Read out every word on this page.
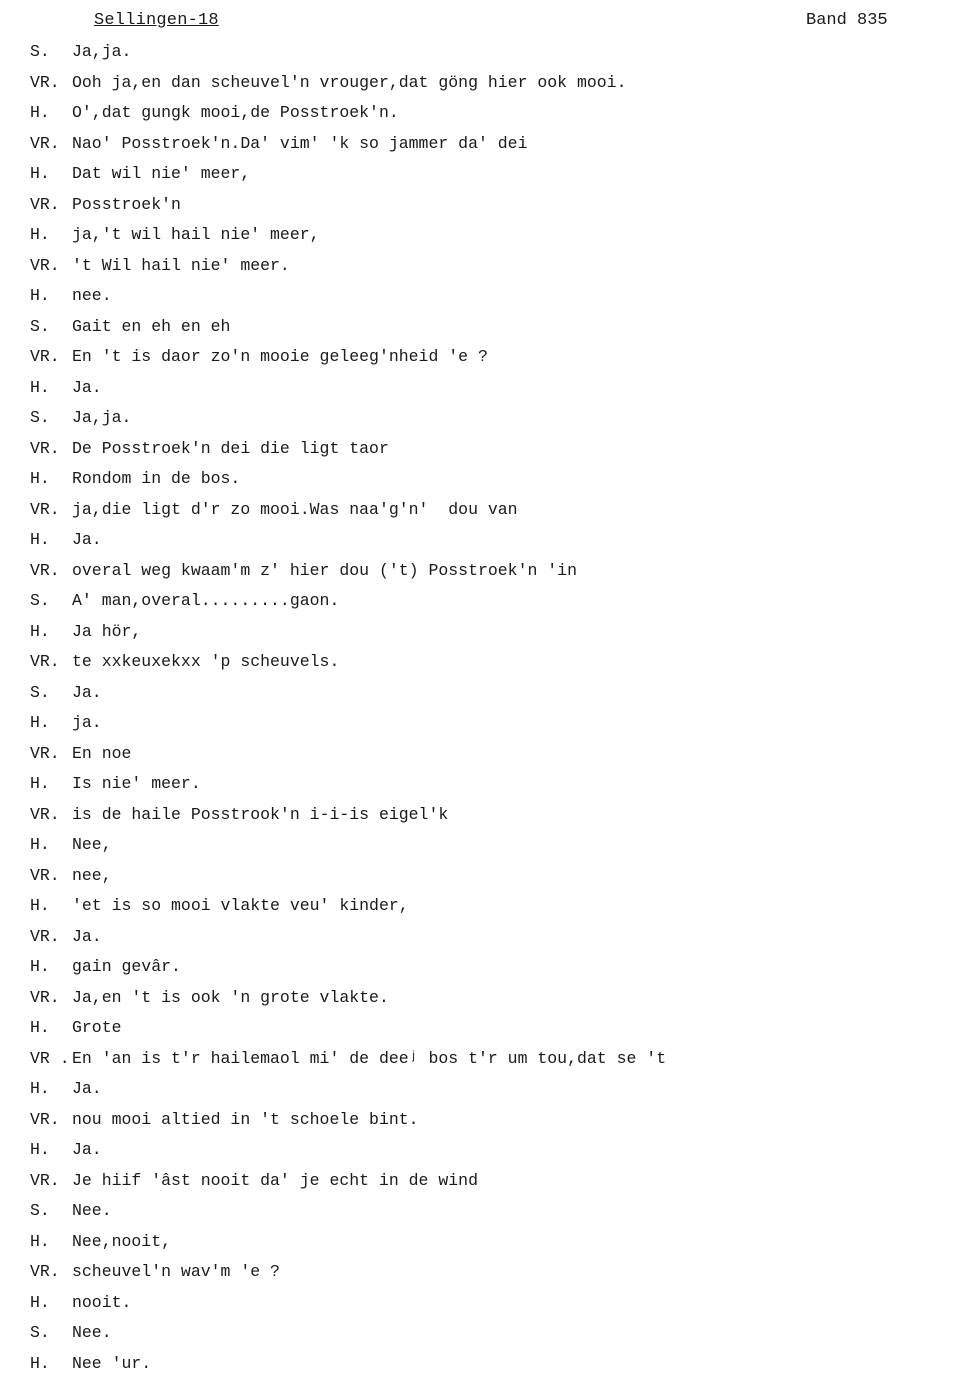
Sellingen-18	Band 835
S.	Ja,ja.
VR. Ooh ja,en dan scheuvel'n vrouger,dat göng hier ook mooi.
H.	O',dat gungk mooi,de Posstroek'n.
VR. Nao' Posstroek'n.Da' vim' 'k so jammer da' dei
H.	Dat wil nie' meer,
VR. Posstroek'n
H.	ja,'t wil hail nie' meer,
VR. 't Wil hail nie' meer.
H.	nee.
S.	Gait en eh en eh
VR. En 't is daor zo'n mooie geleeg'nheid 'e ?
H.	Ja.
S.	Ja,ja.
VR. De Posstroek'n dei die ligt taor
H.	Rondom in de bos.
VR. ja,die ligt d'r zo mooi.Was naa'g'n'  dou van
H.	Ja.
VR. overal weg kwaam'm z' hier dou ('t) Posstroek'n 'in
S.	A' man,overal.........gaon.
H.	Ja hör,
VR. te xxkeuxekxx 'p scheuvels.
S.	Ja.
H.	ja.
VR. En noe
H.	Is nie' meer.
VR. is de haile Posstrook'n i-i-is eigel'k
H.	Nee,
VR. nee,
H.	'et is so mooi vlakte veu' kinder,
VR. Ja.
H.	gain gevâr.
VR. Ja,en 't is ook 'n grote vlakte.
H.	Grote
VR . En 'an is t'r hailemaol mi' de deeʲ bos t'r um tou,dat se 't
H.	Ja.
VR. nou mooi altied in 't schoele bint.
H.	Ja.
VR. Je hiif 'âst nooit da' je echt in de wind
S.	Nee.
H.	Nee,nooit,
VR. scheuvel'n wav'm 'e ?
H.	nooit.
S.	Nee.
H.	Nee 'ur.
